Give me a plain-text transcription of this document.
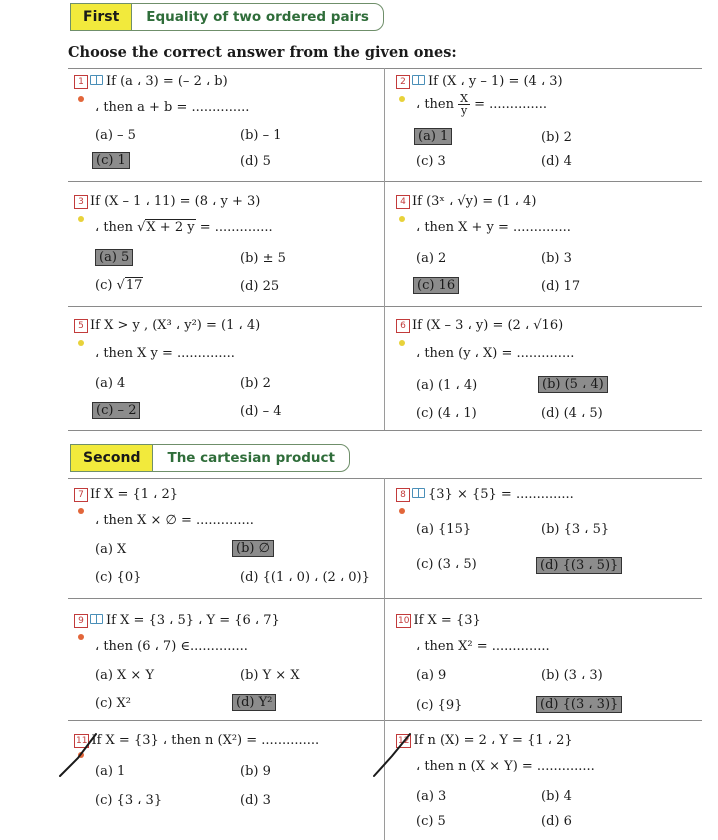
First	Equality of two ordered pairs
Choose the correct answer from the given ones:
1 If (a ، 3) = (– 2 ، b)
، then a + b = ..............
(a) – 5	(b) – 1
(c) 1	(d) 5
2 If (X ، y – 1) = (4 ، 3)
، then $\frac{X}{y}$ = ..............
(a) 1	(b) 2
(c) 3	(d) 4
3 If (X – 1 ، 11) = (8 ، y + 3)
، then √X + 2 y = ..............
(a) 5	(b) ± 5
(c) √17	(d) 25
4 If (3ˣ ، √y) = (1 ، 4)
، then X + y = ..............
(a) 2	(b) 3
(c) 16	(d) 17
5 If X > y , (X³ ، y²) = (1 ، 4)
، then X y = ..............
(a) 4	(b) 2
(c) – 2	(d) – 4
6 If (X – 3 ، y) = (2 ، √16)
، then (y ، X) = ..............
(a) (1 ، 4)	(b) (5 ، 4)
(c) (4 ، 1)	(d) (4 ، 5)
Second	The cartesian product
7 If X = {1 ، 2}
، then X × ∅ = ..............
(a) X	(b) ∅
(c) {0}	(d) {(1 ، 0) ، (2 ، 0)}
8 {3} × {5} = ..............
(a) {15}	(b) {3 ، 5}
(c) (3 ، 5)	(d) {(3 ، 5)}
9 If X = {3 ، 5} ، Y = {6 ، 7}
، then (6 ، 7) ∈..............
(a) X × Y	(b) Y × X
(c) X²	(d) Y²
10 If X = {3}
، then X² = ..............
(a) 9	(b) (3 ، 3)
(c) {9}	(d) {(3 ، 3)}
11 If X = {3} ، then n (X²) = ..............
(a) 1	(b) 9
(c) {3 ، 3}	(d) 3
12 If n (X) = 2 ، Y = {1 ، 2}
، then n (X × Y) = ..............
(a) 3	(b) 4
(c) 5	(d) 6
